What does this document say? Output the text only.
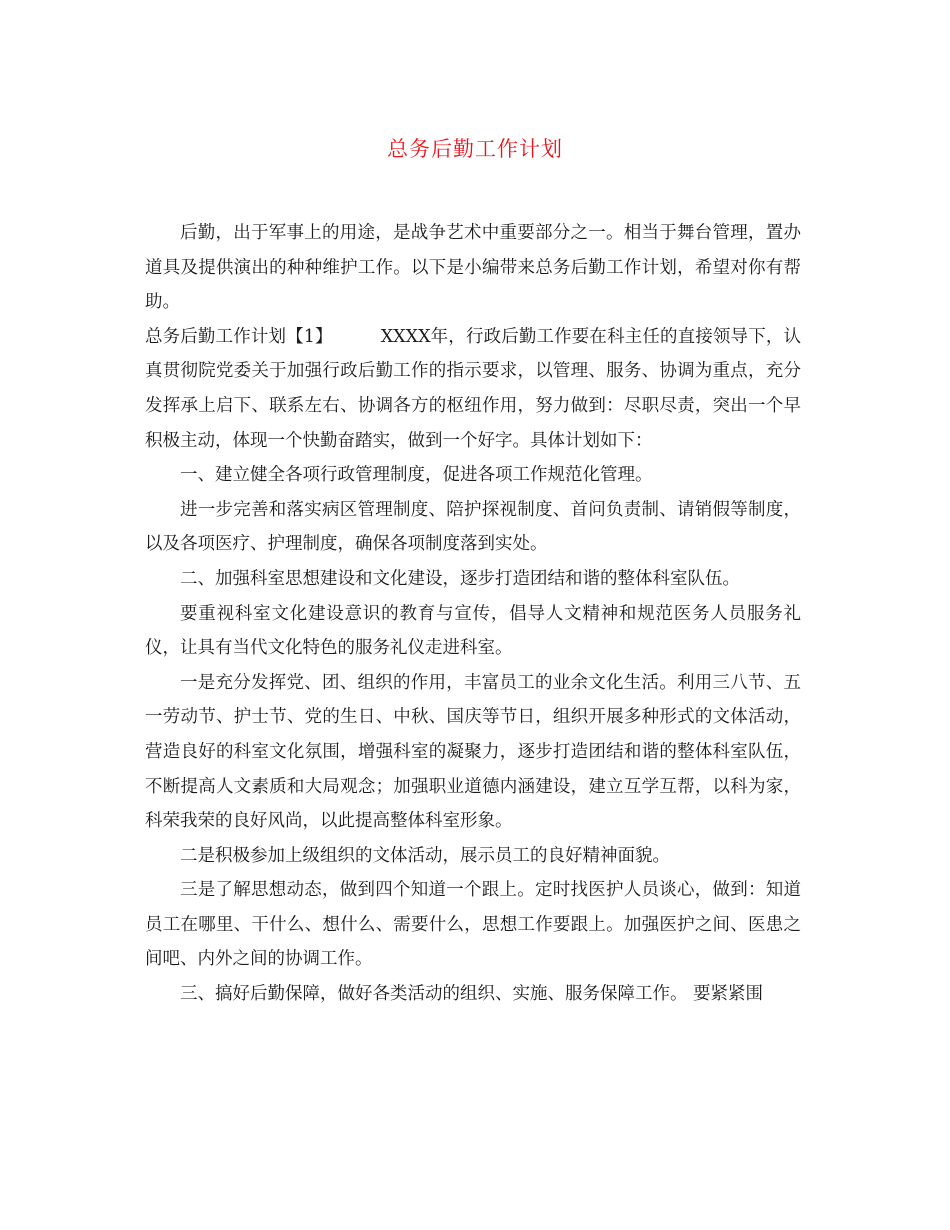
总务后勤工作计划

后勤，出于军事上的用途，是战争艺术中重要部分之一。相当于舞台管理，置办道具及提供演出的种种维护工作。以下是小编带来总务后勤工作计划，希望对你有帮助。

总务后勤工作计划【1】	XXXX年，行政后勤工作要在科主任的直接领导下，认真贯彻院党委关于加强行政后勤工作的指示要求，以管理、服务、协调为重点，充分发挥承上启下、联系左右、协调各方的枢纽作用，努力做到：尽职尽责，突出一个早积极主动，体现一个快勤奋踏实，做到一个好字。具体计划如下：

一、建立健全各项行政管理制度，促进各项工作规范化管理。

进一步完善和落实病区管理制度、陪护探视制度、首问负责制、请销假等制度，以及各项医疗、护理制度，确保各项制度落到实处。

二、加强科室思想建设和文化建设，逐步打造团结和谐的整体科室队伍。

要重视科室文化建设意识的教育与宣传，倡导人文精神和规范医务人员服务礼仪，让具有当代文化特色的服务礼仪走进科室。

一是充分发挥党、团、组织的作用，丰富员工的业余文化生活。利用三八节、五一劳动节、护士节、党的生日、中秋、国庆等节日，组织开展多种形式的文体活动，营造良好的科室文化氛围，增强科室的凝聚力，逐步打造团结和谐的整体科室队伍，不断提高人文素质和大局观念；加强职业道德内涵建设，建立互学互帮，以科为家，科荣我荣的良好风尚，以此提高整体科室形象。

二是积极参加上级组织的文体活动，展示员工的良好精神面貌。

三是了解思想动态，做到四个知道一个跟上。定时找医护人员谈心，做到：知道员工在哪里、干什么、想什么、需要什么，思想工作要跟上。加强医护之间、医患之间吧、内外之间的协调工作。

三、搞好后勤保障，做好各类活动的组织、实施、服务保障工作。 要紧紧围
